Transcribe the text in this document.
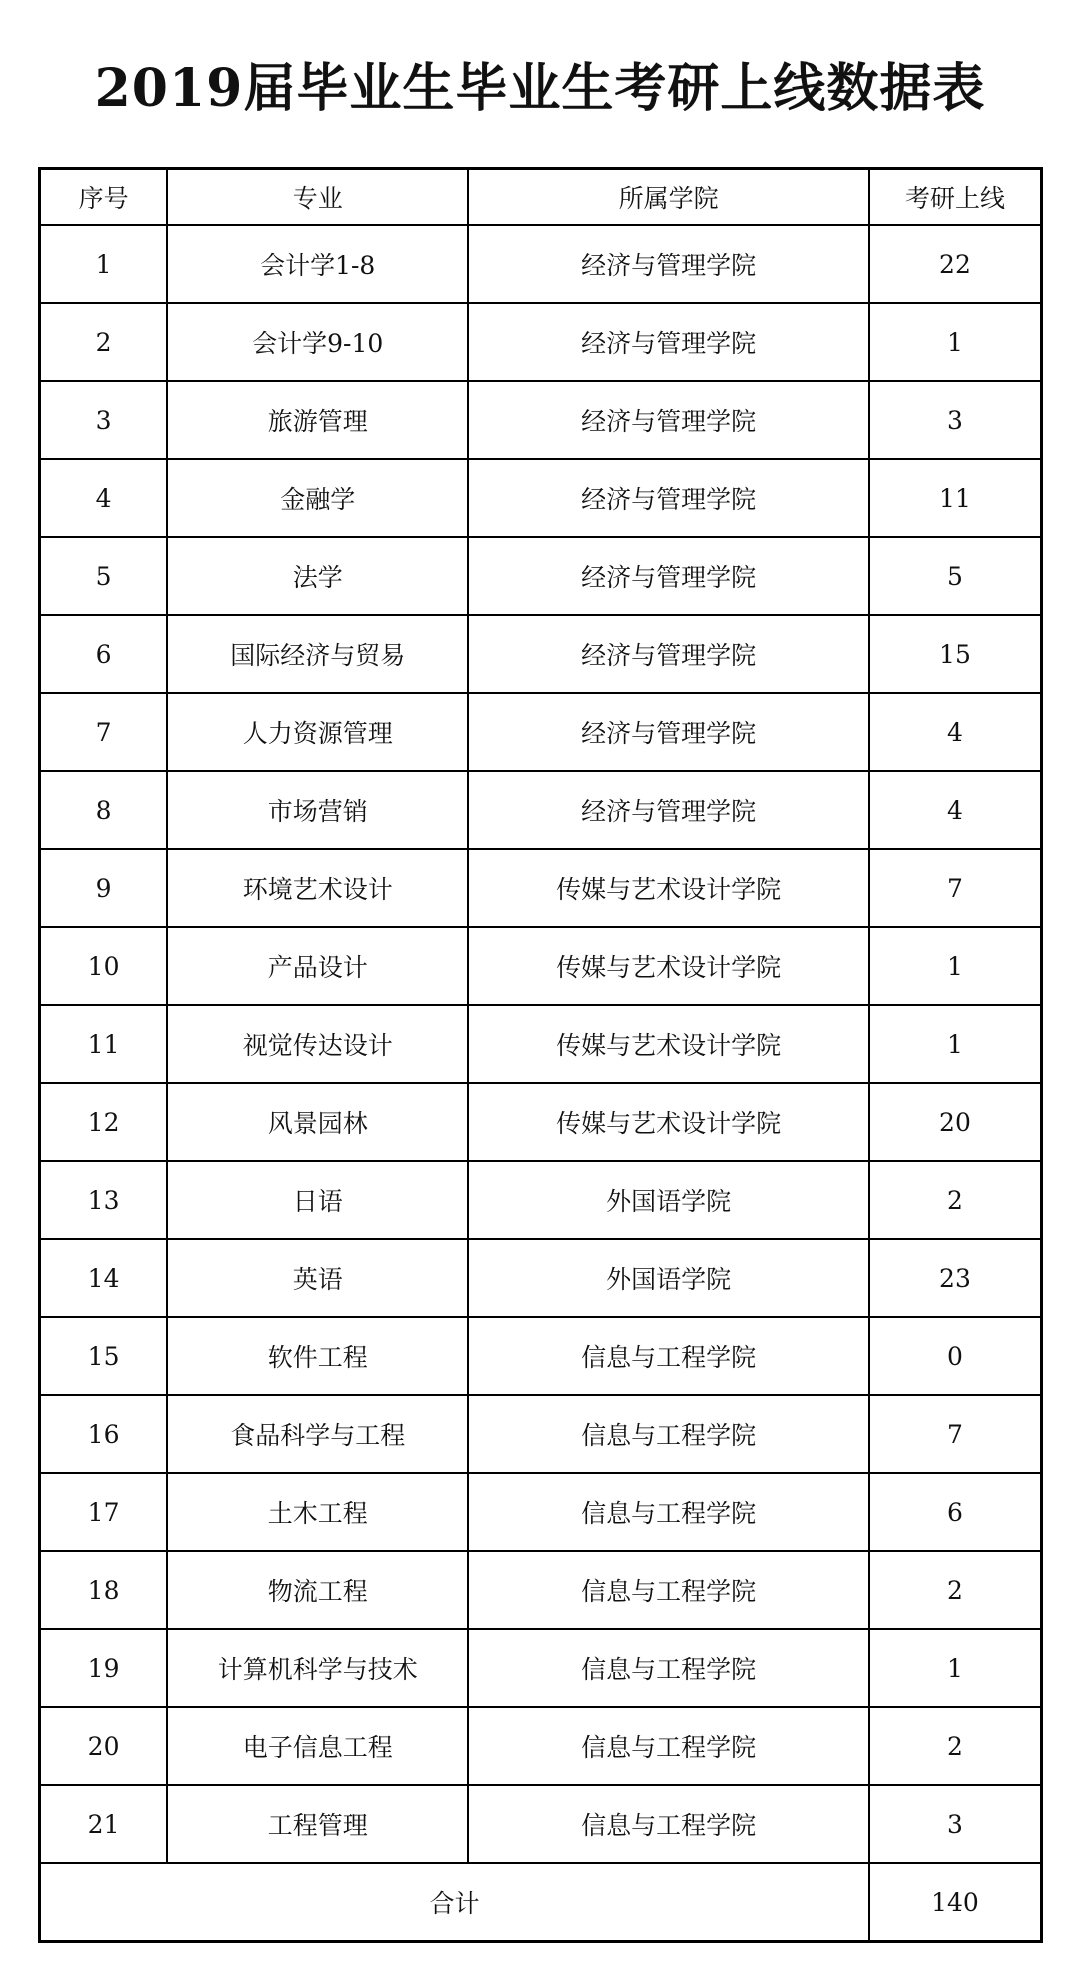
2019届毕业生毕业生考研上线数据表
序号	专业	所属学院	考研上线
1	会计学1-8	经济与管理学院	22
2	会计学9-10	经济与管理学院	1
3	旅游管理	经济与管理学院	3
4	金融学	经济与管理学院	11
5	法学	经济与管理学院	5
6	国际经济与贸易	经济与管理学院	15
7	人力资源管理	经济与管理学院	4
8	市场营销	经济与管理学院	4
9	环境艺术设计	传媒与艺术设计学院	7
10	产品设计	传媒与艺术设计学院	1
11	视觉传达设计	传媒与艺术设计学院	1
12	风景园林	传媒与艺术设计学院	20
13	日语	外国语学院	2
14	英语	外国语学院	23
15	软件工程	信息与工程学院	0
16	食品科学与工程	信息与工程学院	7
17	土木工程	信息与工程学院	6
18	物流工程	信息与工程学院	2
19	计算机科学与技术	信息与工程学院	1
20	电子信息工程	信息与工程学院	2
21	工程管理	信息与工程学院	3
合计			140
